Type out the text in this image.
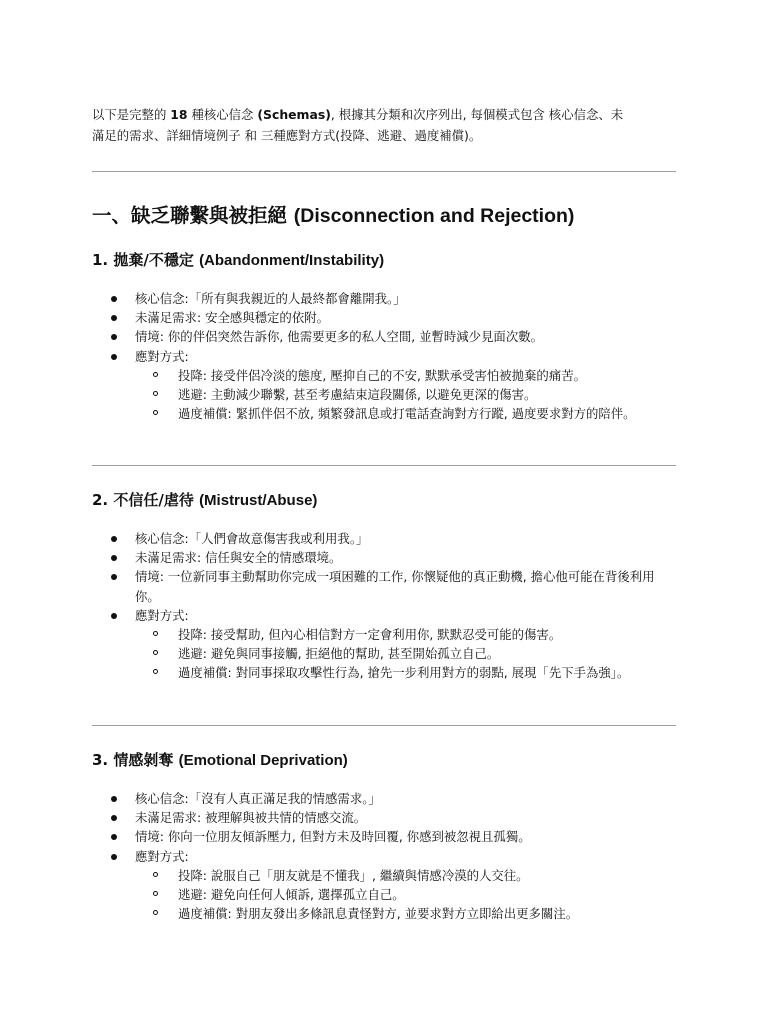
以下是完整的 18 種核心信念 (Schemas), 根據其分類和次序列出, 每個模式包含 核心信念、未
滿足的需求、詳細情境例子 和 三種應對方式(投降、逃避、過度補償)。

一、缺乏聯繫與被拒絕 (Disconnection and Rejection)
1. 拋棄/不穩定 (Abandonment/Instability)
核心信念:「所有與我親近的人最終都會離開我。」
未滿足需求: 安全感與穩定的依附。
情境: 你的伴侶突然告訴你, 他需要更多的私人空間, 並暫時減少見面次數。
應對方式:
投降: 接受伴侶冷淡的態度, 壓抑自己的不安, 默默承受害怕被拋棄的痛苦。
逃避: 主動減少聯繫, 甚至考慮結束這段關係, 以避免更深的傷害。
過度補償: 緊抓伴侶不放, 頻繁發訊息或打電話查詢對方行蹤, 過度要求對方的陪伴。
2. 不信任/虐待 (Mistrust/Abuse)
核心信念:「人們會故意傷害我或利用我。」
未滿足需求: 信任與安全的情感環境。
情境: 一位新同事主動幫助你完成一項困難的工作, 你懷疑他的真正動機, 擔心他可能在背後利用你。
應對方式:
投降: 接受幫助, 但內心相信對方一定會利用你, 默默忍受可能的傷害。
逃避: 避免與同事接觸, 拒絕他的幫助, 甚至開始孤立自己。
過度補償: 對同事採取攻擊性行為, 搶先一步利用對方的弱點, 展現「先下手為強」。
3. 情感剝奪 (Emotional Deprivation)
核心信念:「沒有人真正滿足我的情感需求。」
未滿足需求: 被理解與被共情的情感交流。
情境: 你向一位朋友傾訴壓力, 但對方未及時回覆, 你感到被忽視且孤獨。
應對方式:
投降: 說服自己「朋友就是不懂我」, 繼續與情感冷漠的人交往。
逃避: 避免向任何人傾訴, 選擇孤立自己。
過度補償: 對朋友發出多條訊息責怪對方, 並要求對方立即給出更多關注。
